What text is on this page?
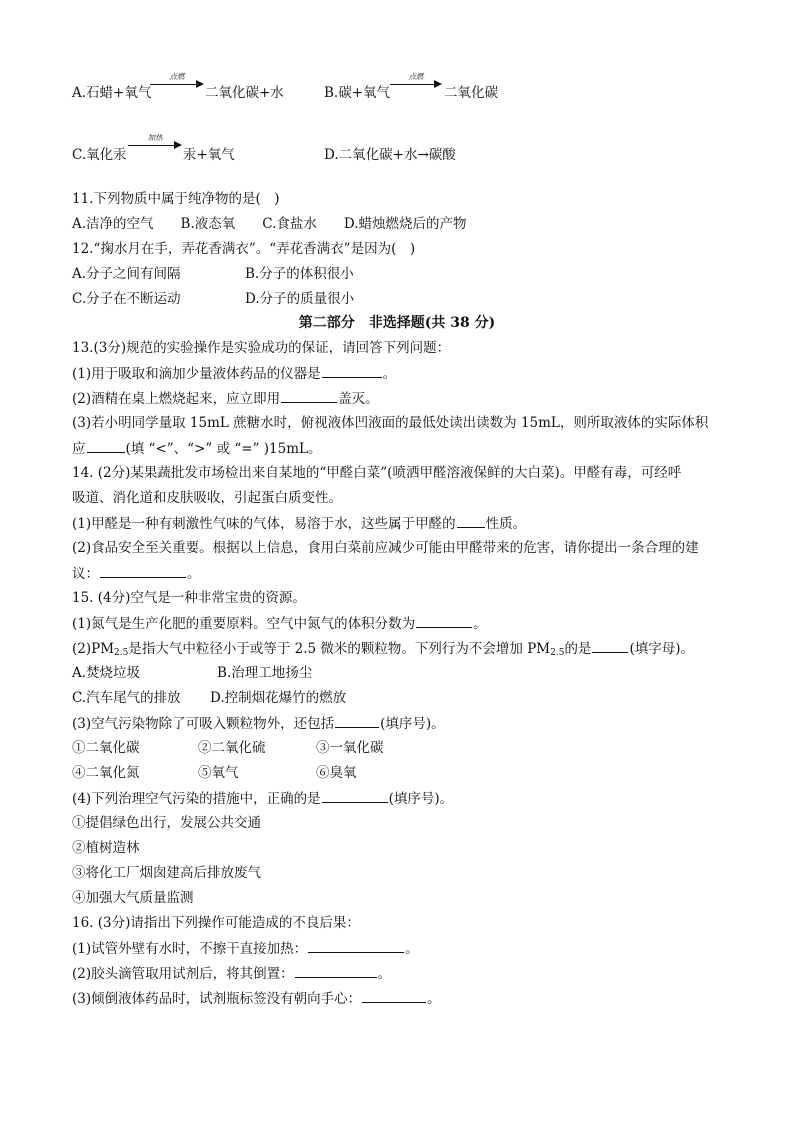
A.石蜡+氧气
点燃
二氧化碳+水	B.碳+氧气
点燃
二氧化碳
C.氧化汞
加热
汞+氧气	D.二氧化碳+水→碳酸
11.下列物质中属于纯净物的是(　)
A.洁净的空气　　B.液态氧　　C.食盐水　　D.蜡烛燃烧后的产物
12.“掬水月在手，弄花香满衣”。“弄花香满衣”是因为(　)
A.分子之间有间隔	B.分子的体积很小
C.分子在不断运动	D.分子的质量很小
第二部分　非选择题(共 38 分)
13.(3分)规范的实验操作是实验成功的保证，请回答下列问题：
(1)用于吸取和滴加少量液体药品的仪器是	。
(2)酒精在桌上燃烧起来，应立即用	盖灭。
(3)若小明同学量取 15mL 蔗糖水时，俯视液体凹液面的最低处读出读数为 15mL，则所取液体的实际体积
应	(填 “<”、“>” 或 “=” )15mL。
14. (2分)某果蔬批发市场检出来自某地的“甲醛白菜”(喷洒甲醛溶液保鲜的大白菜)。甲醛有毒，可经呼
吸道、消化道和皮肤吸收，引起蛋白质变性。
(1)甲醛是一种有刺激性气味的气体，易溶于水，这些属于甲醛的 性质。
(2)食品安全至关重要。根据以上信息，食用白菜前应减少可能由甲醛带来的危害，请你提出一条合理的建
议：	。
15. (4分)空气是一种非常宝贵的资源。
(1)氮气是生产化肥的重要原料。空气中氮气的体积分数为	。
$(2)PM_{2.5}$是指大气中粒径小于或等于 2.5 微米的颗粒物。下列行为不会增加 $PM_{2.5}$的是	(填字母)。
A.焚烧垃圾	B.治理工地扬尘
C.汽车尾气的排放 D.控制烟花爆竹的燃放
(3)空气污染物除了可吸入颗粒物外，还包括	(填序号)。
①二氧化碳	②二氧化硫	③一氧化碳
④二氧化氮	⑤氧气	⑥臭氧
(4)下列治理空气污染的措施中，正确的是	(填序号)。
①提倡绿色出行，发展公共交通
②植树造林
③将化工厂烟囱建高后排放废气
④加强大气质量监测
16. (3分)请指出下列操作可能造成的不良后果：
(1)试管外壁有水时，不擦干直接加热：	。
(2)胶头滴管取用试剂后，将其倒置：	。
(3)倾倒液体药品时，试剂瓶标签没有朝向手心：	。
